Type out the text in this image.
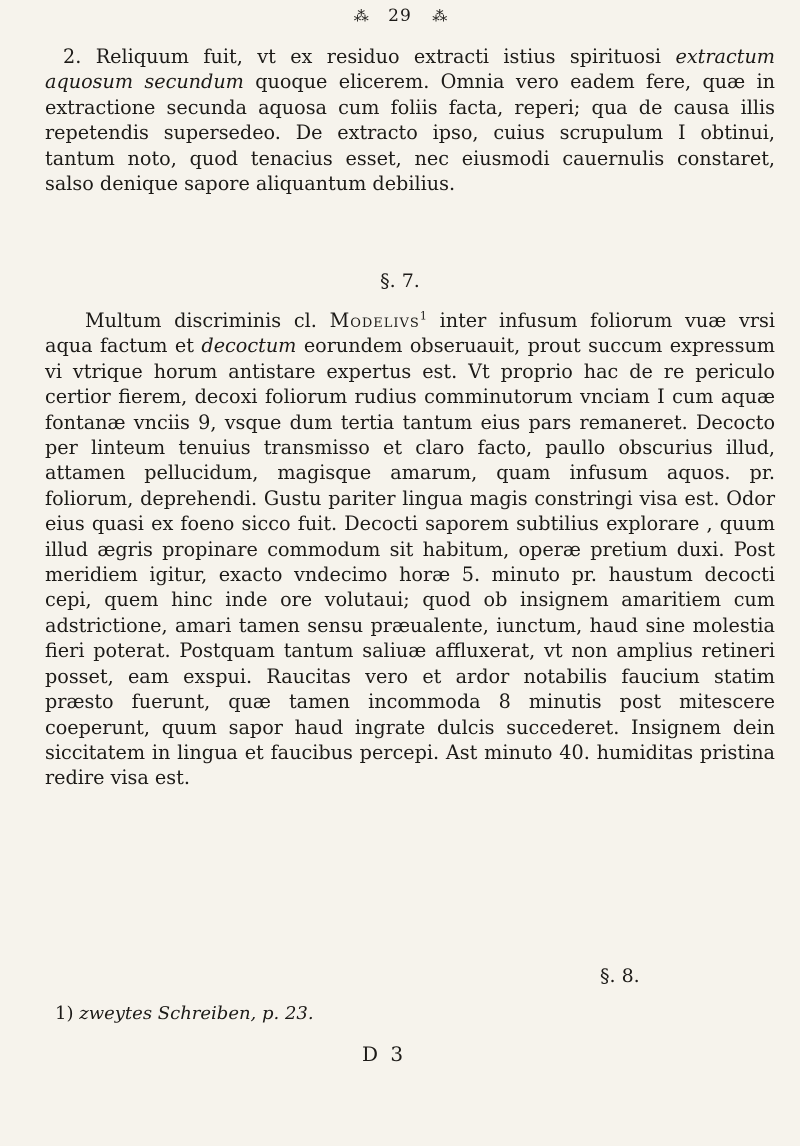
⁂ 29 ⁂
2. Reliquum fuit, vt ex residuo extracti istius spirituosi extractum aquosum secundum quoque elicerem. Omnia vero eadem fere, quæ in extractione secunda aquosa cum foliis facta, reperi; qua de causa illis repetendis supersedeo. De extracto ipso, cuius scrupulum I obtinui, tantum noto, quod tenacius esset, nec eiusmodi cauernulis constaret, salso denique sapore aliquantum debilius.
§. 7.
Multum discriminis cl. Modelivs$^1$ inter infusum foliorum vuæ vrsi aqua factum et decoctum eorundem obseruauit, prout succum expressum vi vtrique horum antistare expertus est. Vt proprio hac de re periculo certior fierem, decoxi foliorum rudius comminutorum vnciam I cum aquæ fontanæ vnciis 9, vsque dum tertia tantum eius pars remaneret. Decocto per linteum tenuius transmisso et claro facto, paullo obscurius illud, attamen pellucidum, magisque amarum, quam infusum aquos. pr. foliorum, deprehendi. Gustu pariter lingua magis constringi visa est. Odor eius quasi ex foeno sicco fuit. Decocti saporem subtilius explorare , quum illud ægris propinare commodum sit habitum, operæ pretium duxi. Post meridiem igitur, exacto vndecimo horæ 5. minuto pr. haustum decocti cepi, quem hinc inde ore volutaui; quod ob insignem amaritiem cum adstrictione, amari tamen sensu præualente, iunctum, haud sine molestia fieri poterat. Postquam tantum saliuæ affluxerat, vt non amplius retineri posset, eam exspui. Raucitas vero et ardor notabilis faucium statim præsto fuerunt, quæ tamen incommoda 8 minutis post mitescere coeperunt, quum sapor haud ingrate dulcis succederet. Insignem dein siccitatem in lingua et faucibus percepi. Ast minuto 40. humiditas pristina redire visa est.
§. 8.
1) zweytes Schreiben, p. 23.
D 3
